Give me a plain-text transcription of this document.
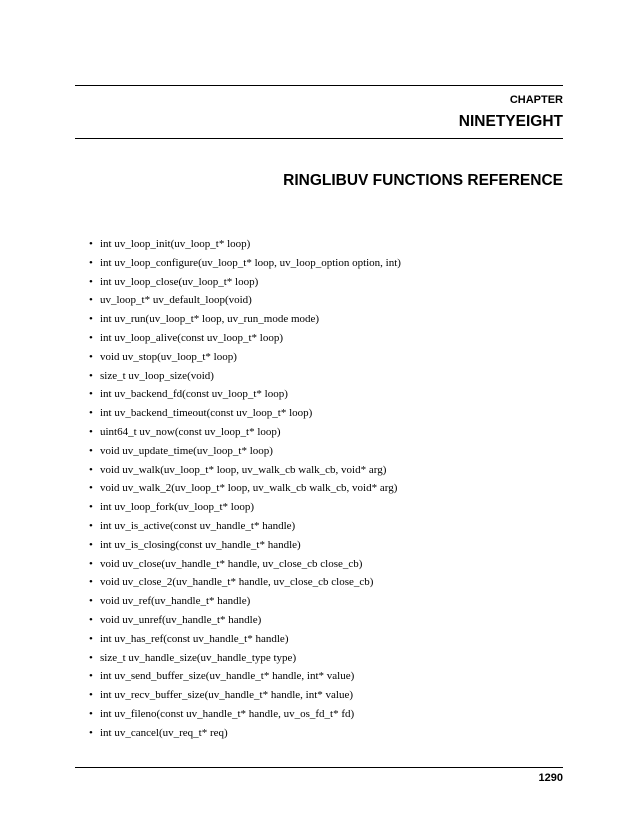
CHAPTER
NINETYEIGHT
RINGLIBUV FUNCTIONS REFERENCE
• int uv_loop_init(uv_loop_t* loop)
• int uv_loop_configure(uv_loop_t* loop, uv_loop_option option, int)
• int uv_loop_close(uv_loop_t* loop)
• uv_loop_t* uv_default_loop(void)
• int uv_run(uv_loop_t* loop, uv_run_mode mode)
• int uv_loop_alive(const uv_loop_t* loop)
• void uv_stop(uv_loop_t* loop)
• size_t uv_loop_size(void)
• int uv_backend_fd(const uv_loop_t* loop)
• int uv_backend_timeout(const uv_loop_t* loop)
• uint64_t uv_now(const uv_loop_t* loop)
• void uv_update_time(uv_loop_t* loop)
• void uv_walk(uv_loop_t* loop, uv_walk_cb walk_cb, void* arg)
• void uv_walk_2(uv_loop_t* loop, uv_walk_cb walk_cb, void* arg)
• int uv_loop_fork(uv_loop_t* loop)
• int uv_is_active(const uv_handle_t* handle)
• int uv_is_closing(const uv_handle_t* handle)
• void uv_close(uv_handle_t* handle, uv_close_cb close_cb)
• void uv_close_2(uv_handle_t* handle, uv_close_cb close_cb)
• void uv_ref(uv_handle_t* handle)
• void uv_unref(uv_handle_t* handle)
• int uv_has_ref(const uv_handle_t* handle)
• size_t uv_handle_size(uv_handle_type type)
• int uv_send_buffer_size(uv_handle_t* handle, int* value)
• int uv_recv_buffer_size(uv_handle_t* handle, int* value)
• int uv_fileno(const uv_handle_t* handle, uv_os_fd_t* fd)
• int uv_cancel(uv_req_t* req)
1290
